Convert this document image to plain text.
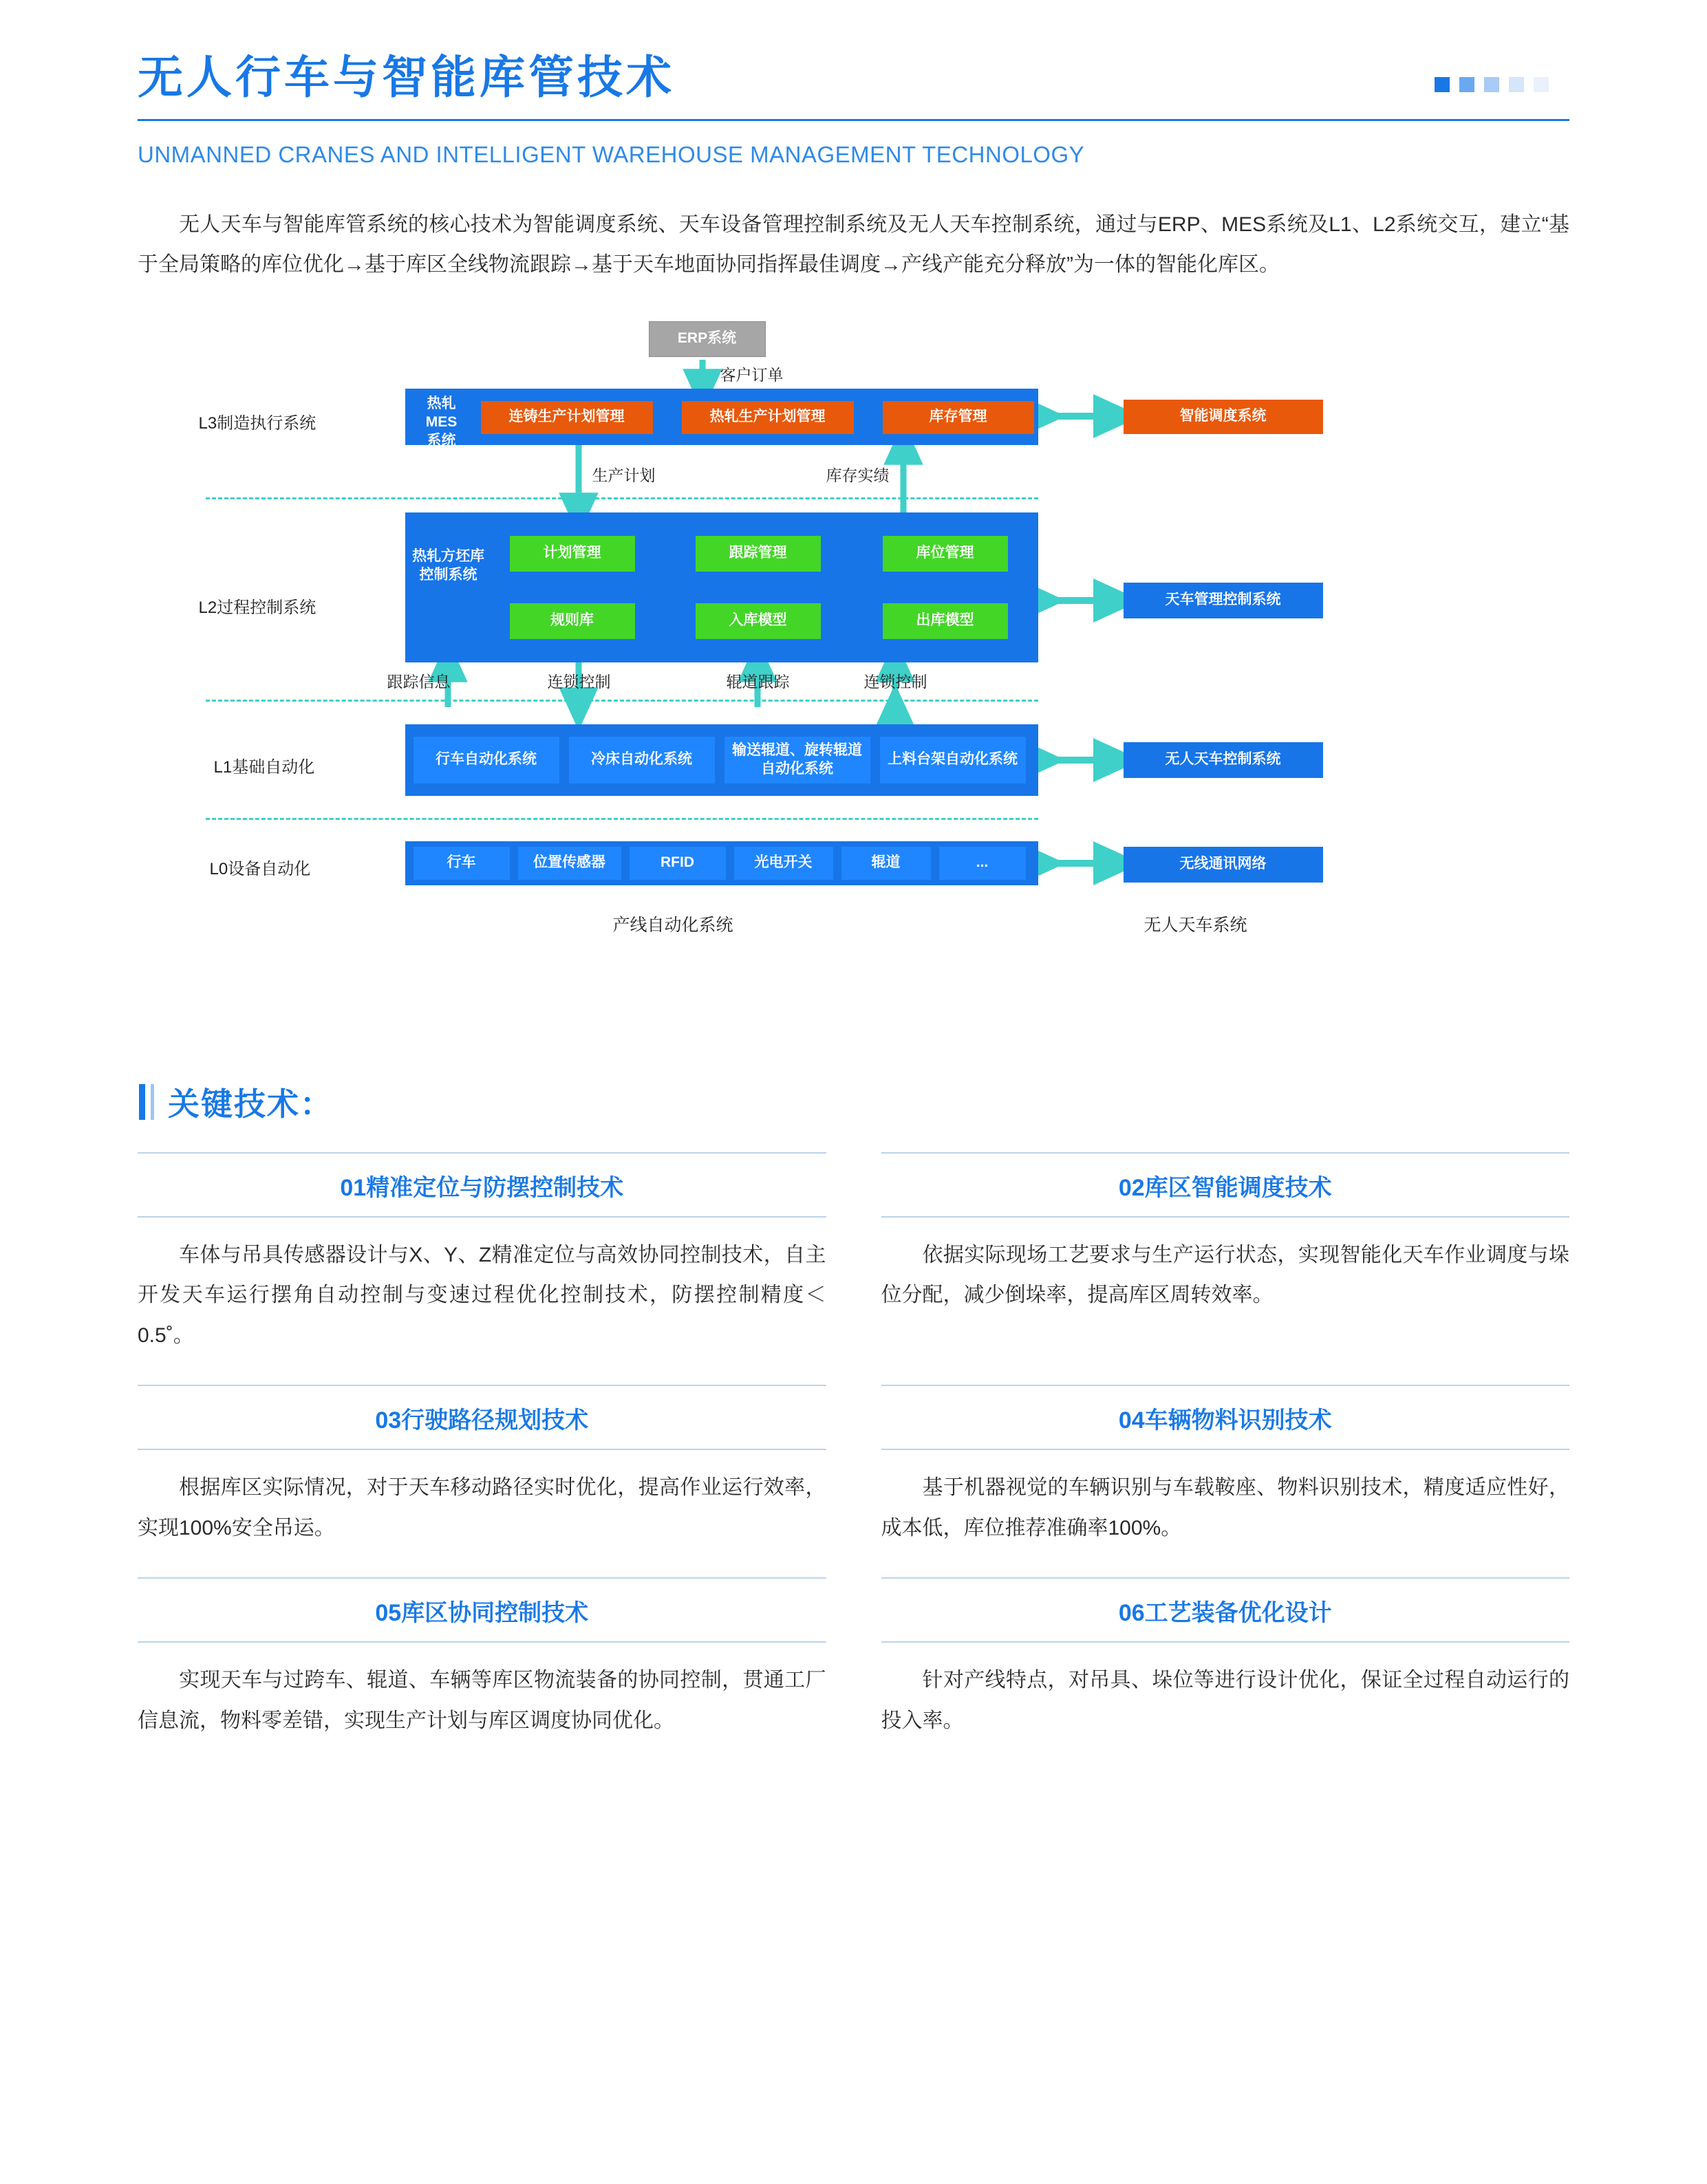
无人行车与智能库管技术
UNMANNED CRANES AND INTELLIGENT WAREHOUSE MANAGEMENT TECHNOLOGY

无人天车与智能库管系统的核心技术为智能调度系统、天车设备管理控制系统及无人天车控制系统，通过与ERP、MES系统及L1、L2系统交互，建立“基于全局策略的库位优化→基于库区全线物流跟踪→基于天车地面协同指挥最佳调度→产线产能充分释放”为一体的智能化库区。

ERP系统
客户订单
热轧
MES
系统
连铸生产计划管理	热轧生产计划管理	库存管理	智能调度系统
L3制造执行系统
生产计划	库存实绩
热轧方坯库控制系统
计划管理	跟踪管理	库位管理
规则库	入库模型	出库模型
天车管理控制系统
L2过程控制系统
跟踪信息	连锁控制	辊道跟踪	连锁控制
行车自动化系统	冷床自动化系统
输送辊道、旋转辊道自动化系统
上料台架自动化系统	无人天车控制系统
L1基础自动化
行车	位置传感器	RFID	光电开关	辊道	...	无线通讯网络
L0设备自动化
产线自动化系统	无人天车系统
关键技术：
01精准定位与防摆控制技术
车体与吊具传感器设计与X、Y、Z精准定位与高效协同控制技术，自主开发天车运行摆角自动控制与变速过程优化控制技术，防摆控制精度＜0.5˚。
02库区智能调度技术
依据实际现场工艺要求与生产运行状态，实现智能化天车作业调度与垛位分配，减少倒垛率，提高库区周转效率。
03行驶路径规划技术
根据库区实际情况，对于天车移动路径实时优化，提高作业运行效率，实现100%安全吊运。
04车辆物料识别技术
基于机器视觉的车辆识别与车载鞍座、物料识别技术，精度适应性好，成本低，库位推荐准确率100%。
05库区协同控制技术
实现天车与过跨车、辊道、车辆等库区物流装备的协同控制，贯通工厂信息流，物料零差错，实现生产计划与库区调度协同优化。
06工艺装备优化设计
针对产线特点，对吊具、垛位等进行设计优化，保证全过程自动运行的投入率。
